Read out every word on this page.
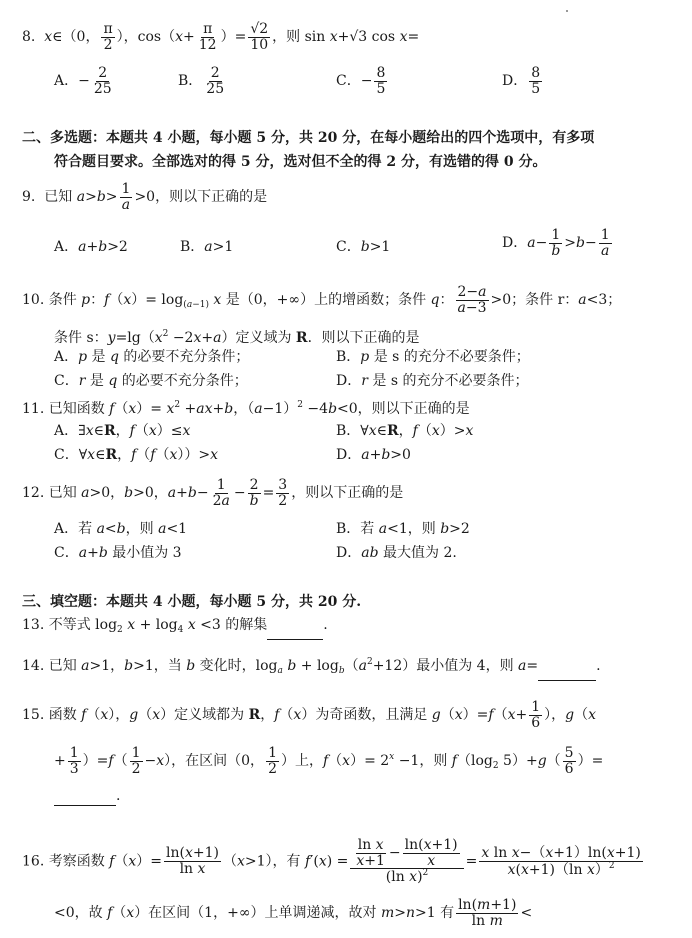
8.  x∈（0， $\frac{\pi}{2}$ ），$\cos(x+ \frac{\pi}{12}$ ）= $\frac{√2}{10}$ ，则 sin x+√3 cos x=
A．− $\frac{2}{25}$	B． $\frac{2}{25}$	C．− $\frac{8}{5}$	D． $\frac{8}{5}$
二、多选题：本题共 4 小题，每小题 5 分，共 20 分，在每小题给出的四个选项中，有多项
符合题目要求。全部选对的得 5 分，选对但不全的得 2 分，有选错的得 0 分。
9.  已知 $a>b> \frac{1}{a} >0$，则以下正确的是
A．a+b>2	B．a>1	C．b>1	D．$a- \frac{1}{b} >b- \frac{1}{a}$
10. 条件 p：$f(x)= \log_{(a-1)} x$ 是（0，+∞）上的增函数；条件 q： $\frac{2-a}{a-3} >0$；条件 r：a<3；
条件 s：$y=\lg(x^2 -2x+a)$定义域为 R．则以下正确的是
A．p 是 q 的必要不充分条件；	B．p 是 s 的充分不必要条件；
C．r 是 q 的必要不充分条件；	D．r 是 s 的充分不必要条件；
11. 已知函数 $f(x)= x^2 +ax+b$，$(a-1)^2 -4b<0$，则以下正确的是
A．∃x∈R，f（x）≤x	B．∀x∈R，f（x）>x
C．∀x∈R，f（f（x））>x	D．a+b>0
12. 已知 a>0，b>0，$a+b- \frac{1}{2a} - \frac{2}{b} = \frac{3}{2}$ ，则以下正确的是
A．若 a<b，则 a<1	B．若 a<1，则 b>2
C．a+b 最小值为 3	D．ab 最大值为 2.
三、填空题：本题共 4 小题，每小题 5 分，共 20 分.
13. 不等式 $\log_2 x + \log_4 x <3$ 的解集	.
14. 已知 a>1，b>1，当 b 变化时，$\log_a b + \log_b(a^2+12)$最小值为 4，则 a=	.
15. 函数 f（x），g（x）定义域都为 R，f（x）为奇函数，且满足 $g(x)=f(x+ \frac{1}{6}$ ），g（x
+ $\frac{1}{3} )=f( \frac{1}{2} -x)$，在区间（0， $\frac{1}{2}$ ）上，$f(x)= 2^x -1$，则 $f(\log_2$ $5)+g( \frac{5}{6}$ ）=
.
16. 考察函数 $f(x)= \frac{\ln(x+1)}{\text{ln x}} (x>1)$，有 $f'(x) = \frac{\frac{\text{ln x}}{x+1} - \frac{\ln(x+1)}{x}}{(\ln x)^2} = \frac{\text{x ln x−（x+1）ln(x+1)}}{x(x+1)(\ln x)^2}$
<0，故 f（x）在区间（1，+∞）上单调递减，故对 m>n>1 有 $\frac{\ln(m+1)}{\text{ln m}}$ <
